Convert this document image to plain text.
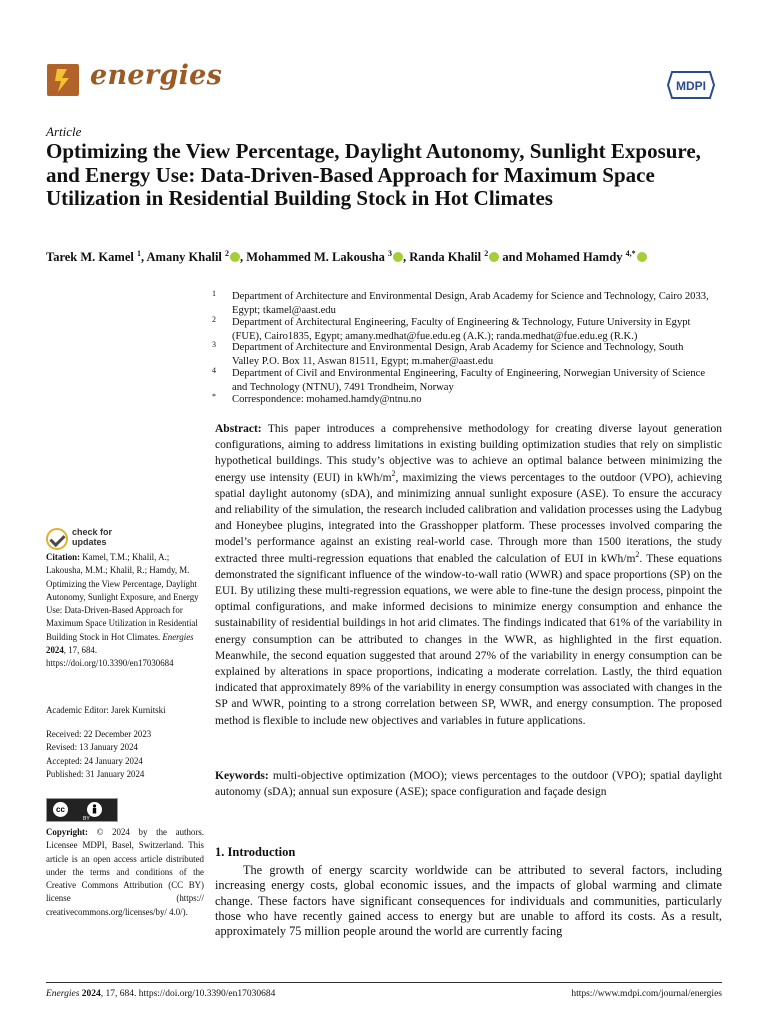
energies	MDPI
Article
Optimizing the View Percentage, Daylight Autonomy, Sunlight Exposure, and Energy Use: Data-Driven-Based Approach for Maximum Space Utilization in Residential Building Stock in Hot Climates
Tarek M. Kamel $^1$, Amany Khalil $^2$ , Mohammed M. Lakousha $^3$ , Randa Khalil $^2$ and Mohamed Hamdy $^{4,*}$
1 Department of Architecture and Environmental Design, Arab Academy for Science and Technology, Cairo 2033, Egypt; tkamel@aast.edu
2 Department of Architectural Engineering, Faculty of Engineering & Technology, Future University in Egypt (FUE), Cairo1835, Egypt; amany.medhat@fue.edu.eg (A.K.); randa.medhat@fue.edu.eg (R.K.)
3 Department of Architecture and Environmental Design, Arab Academy for Science and Technology, South Valley P.O. Box 11, Aswan 81511, Egypt; m.maher@aast.edu
4 Department of Civil and Environmental Engineering, Faculty of Engineering, Norwegian University of Science and Technology (NTNU), 7491 Trondheim, Norway
* Correspondence: mohamed.hamdy@ntnu.no
Abstract: This paper introduces a comprehensive methodology for creating diverse layout generation configurations, aiming to address limitations in existing building optimization studies that rely on simplistic hypothetical buildings. This study’s objective was to achieve an optimal balance between minimizing the energy use intensity (EUI) in kWh/$m^2$, maximizing the views percentages to the outdoor (VPO), achieving spatial daylight autonomy (sDA), and minimizing annual sunlight exposure (ASE). To ensure the accuracy and reliability of the simulation, the research included calibration and validation processes using the Ladybug and Honeybee plugins, integrated into the Grasshopper platform. These processes involved comparing the model’s performance against an existing real-world case. Through more than 1500 iterations, the study extracted three multi-regression equations that enabled the calculation of EUI in kWh/$m^2$. These equations demonstrated the significant influence of the window-to-wall ratio (WWR) and space proportions (SP) on the EUI. By utilizing these multi-regression equations, we were able to fine-tune the design process, pinpoint the optimal configurations, and make informed decisions to minimize energy consumption and enhance the sustainability of residential buildings in hot arid climates. The findings indicated that 61% of the variability in energy consumption can be attributed to changes in the WWR, as highlighted in the first equation. Meanwhile, the second equation suggested that around 27% of the variability in energy consumption can be explained by alterations in space proportions, indicating a moderate correlation. Lastly, the third equation indicated that approximately 89% of the variability in energy consumption was associated with changes in the SP and WWR, pointing to a strong correlation between SP, WWR, and energy consumption. The proposed method is flexible to include new objectives and variables in future applications.
Keywords: multi-objective optimization (MOO); views percentages to the outdoor (VPO); spatial daylight autonomy (sDA); annual sun exposure (ASE); space configuration and façade design
check for
updates
Citation: Kamel, T.M.; Khalil, A.; Lakousha, M.M.; Khalil, R.; Hamdy, M. Optimizing the View Percentage, Daylight Autonomy, Sunlight Exposure, and Energy Use: Data-Driven-Based Approach for Maximum Space Utilization in Residential Building Stock in Hot Climates. Energies 2024, 17, 684. https://doi.org/10.3390/en17030684
Academic Editor: Jarek Kurnitski
Received: 22 December 2023
Revised: 13 January 2024
Accepted: 24 January 2024
Published: 31 January 2024
cc
BY
Copyright: © 2024 by the authors. Licensee MDPI, Basel, Switzerland. This article is an open access article distributed under the terms and conditions of the Creative Commons Attribution (CC BY) license (https:// creativecommons.org/licenses/by/ 4.0/).
1. Introduction
The growth of energy scarcity worldwide can be attributed to several factors, including increasing energy costs, global economic issues, and the impacts of global warming and climate change. These factors have significant consequences for individuals and communities, particularly those who have recently gained access to energy but are unable to afford its costs. As a result, approximately 75 million people around the world are currently facing
Energies 2024, 17, 684. https://doi.org/10.3390/en17030684	https://www.mdpi.com/journal/energies
